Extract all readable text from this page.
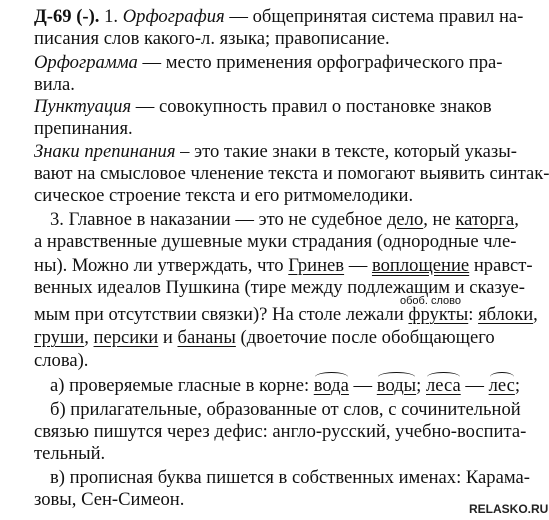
Д-69 (-). 1. Орфография — общепринятая система правил на-
писания слов какого-л. языка; правописание.
Орфограмма — место применения орфографического пра-
вила.
Пунктуация — совокупность правил о постановке знаков
препинания.
Знаки препинания – это такие знаки в тексте, который указы-
вают на смысловое членение текста и помогают выявить синтак-
сическое строение текста и его ритмомелодики.
3. Главное в наказании — это не судебное дело, не каторга,
а нравственные душевные муки страдания (однородные чле-
ны). Можно ли утверждать, что Гринев — воплощение нравст-
венных идеалов Пушкина (тире между подлежащим и сказуе-
обоб. слово
мым при отсутствии связки)? На столе лежали фрукты: яблоки,
груши, персики и бананы (двоеточие после обобщающего
слова).
а) проверяемые гласные в корне: вода — воды; леса — лес;
б) прилагательные, образованные от слов, с сочинительной
связью пишутся через дефис: англо-русский, учебно-воспита-
тельный.
в) прописная буква пишется в собственных именах: Карама-
зовы, Сен-Симеон.	RELASKO.RU
